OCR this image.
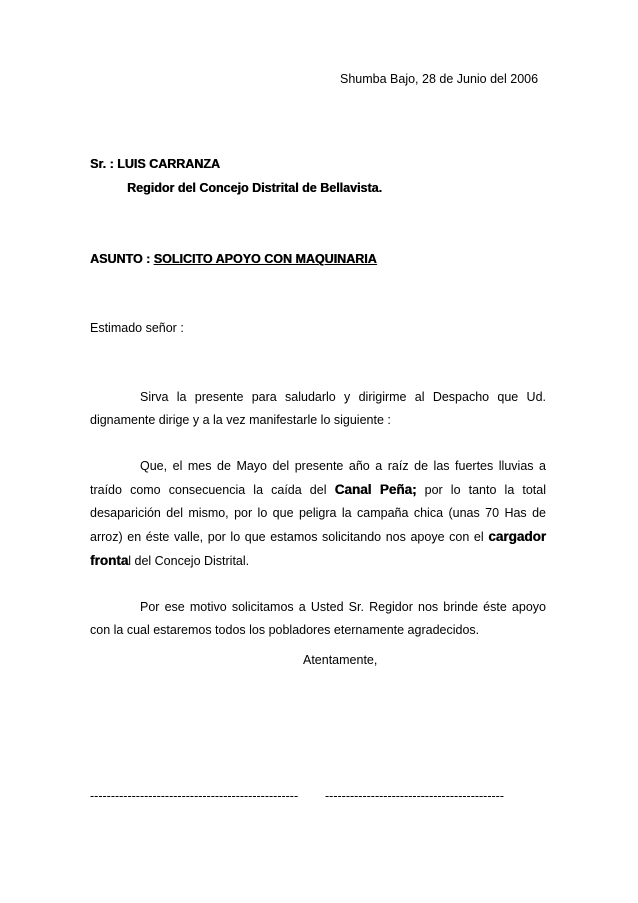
Shumba Bajo, 28 de Junio del 2006

Sr. : LUIS CARRANZA

Regidor del Concejo Distrital de Bellavista.

ASUNTO : SOLICITO APOYO CON MAQUINARIA

Estimado señor :

Sirva la presente para saludarlo y dirigirme al Despacho que Ud. dignamente dirige y a la vez manifestarle lo siguiente :

Que, el mes de Mayo del presente año a raíz de las fuertes lluvias a traído como consecuencia la caída del Canal Peña; por lo tanto la total desaparición del mismo, por lo que peligra la campaña chica (unas 70 Has de arroz) en éste valle, por lo que estamos solicitando nos apoye con el cargador frontal del Concejo Distrital.

Por ese motivo solicitamos a Usted Sr. Regidor nos brinde éste apoyo con la cual estaremos todos los pobladores eternamente agradecidos.

Atentamente,

-------------------------------------------------- -------------------------------------------
